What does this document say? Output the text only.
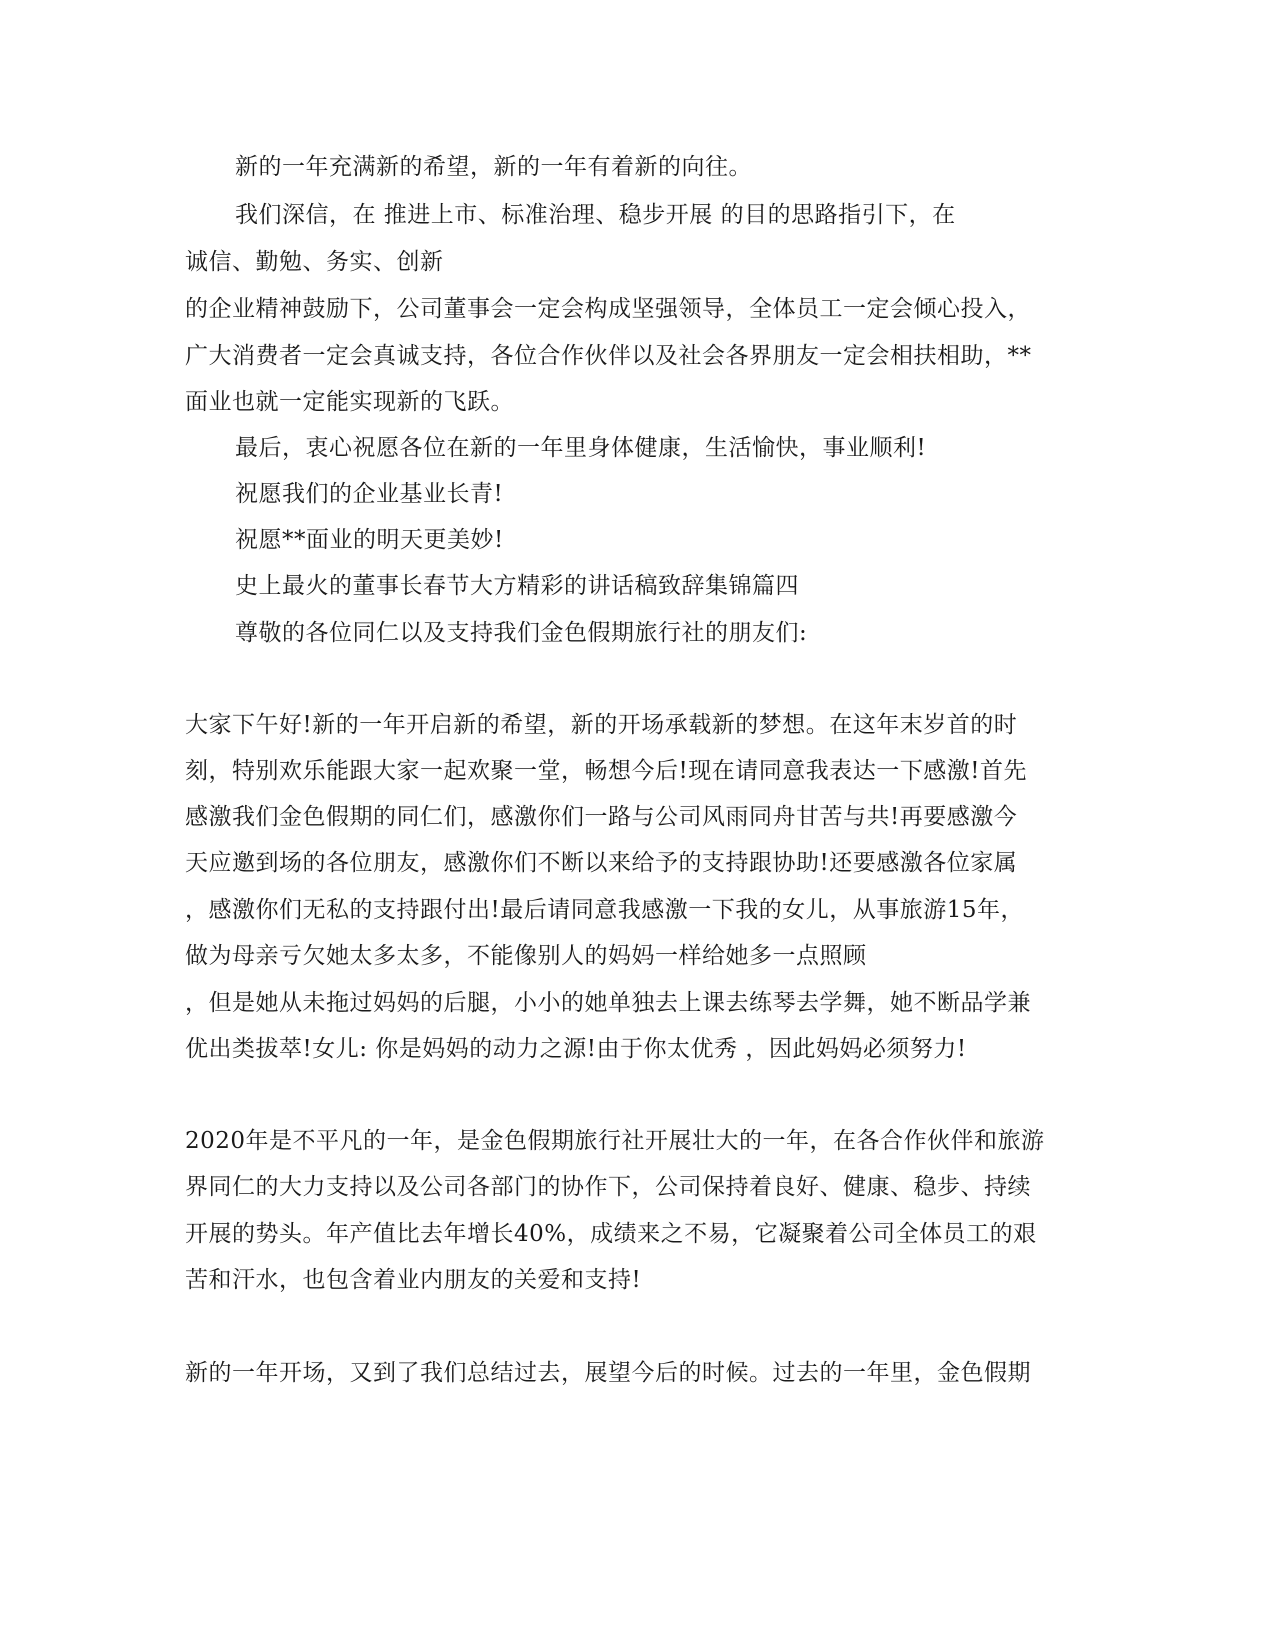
新的一年充满新的希望，新的一年有着新的向往。
我们深信，在 推进上市、标准治理、稳步开展 的目的思路指引下，在
诚信、勤勉、务实、创新
的企业精神鼓励下，公司董事会一定会构成坚强领导，全体员工一定会倾心投入，
广大消费者一定会真诚支持，各位合作伙伴以及社会各界朋友一定会相扶相助，**
面业也就一定能实现新的飞跃。
最后，衷心祝愿各位在新的一年里身体健康，生活愉快，事业顺利!
祝愿我们的企业基业长青!
祝愿**面业的明天更美妙!
史上最火的董事长春节大方精彩的讲话稿致辞集锦篇四
尊敬的各位同仁以及支持我们金色假期旅行社的朋友们:
大家下午好!新的一年开启新的希望，新的开场承载新的梦想。在这年末岁首的时
刻，特别欢乐能跟大家一起欢聚一堂，畅想今后!现在请同意我表达一下感激!首先
感激我们金色假期的同仁们，感激你们一路与公司风雨同舟甘苦与共!再要感激今
天应邀到场的各位朋友，感激你们不断以来给予的支持跟协助!还要感激各位家属
，感激你们无私的支持跟付出!最后请同意我感激一下我的女儿，从事旅游15年，
做为母亲亏欠她太多太多，不能像别人的妈妈一样给她多一点照顾
，但是她从未拖过妈妈的后腿，小小的她单独去上课去练琴去学舞，她不断品学兼
优出类拔萃!女儿: 你是妈妈的动力之源!由于你太优秀 ，因此妈妈必须努力!
2020年是不平凡的一年，是金色假期旅行社开展壮大的一年，在各合作伙伴和旅游
界同仁的大力支持以及公司各部门的协作下，公司保持着良好、健康、稳步、持续
开展的势头。年产值比去年增长40%，成绩来之不易，它凝聚着公司全体员工的艰
苦和汗水，也包含着业内朋友的关爱和支持!
新的一年开场，又到了我们总结过去，展望今后的时候。过去的一年里，金色假期
